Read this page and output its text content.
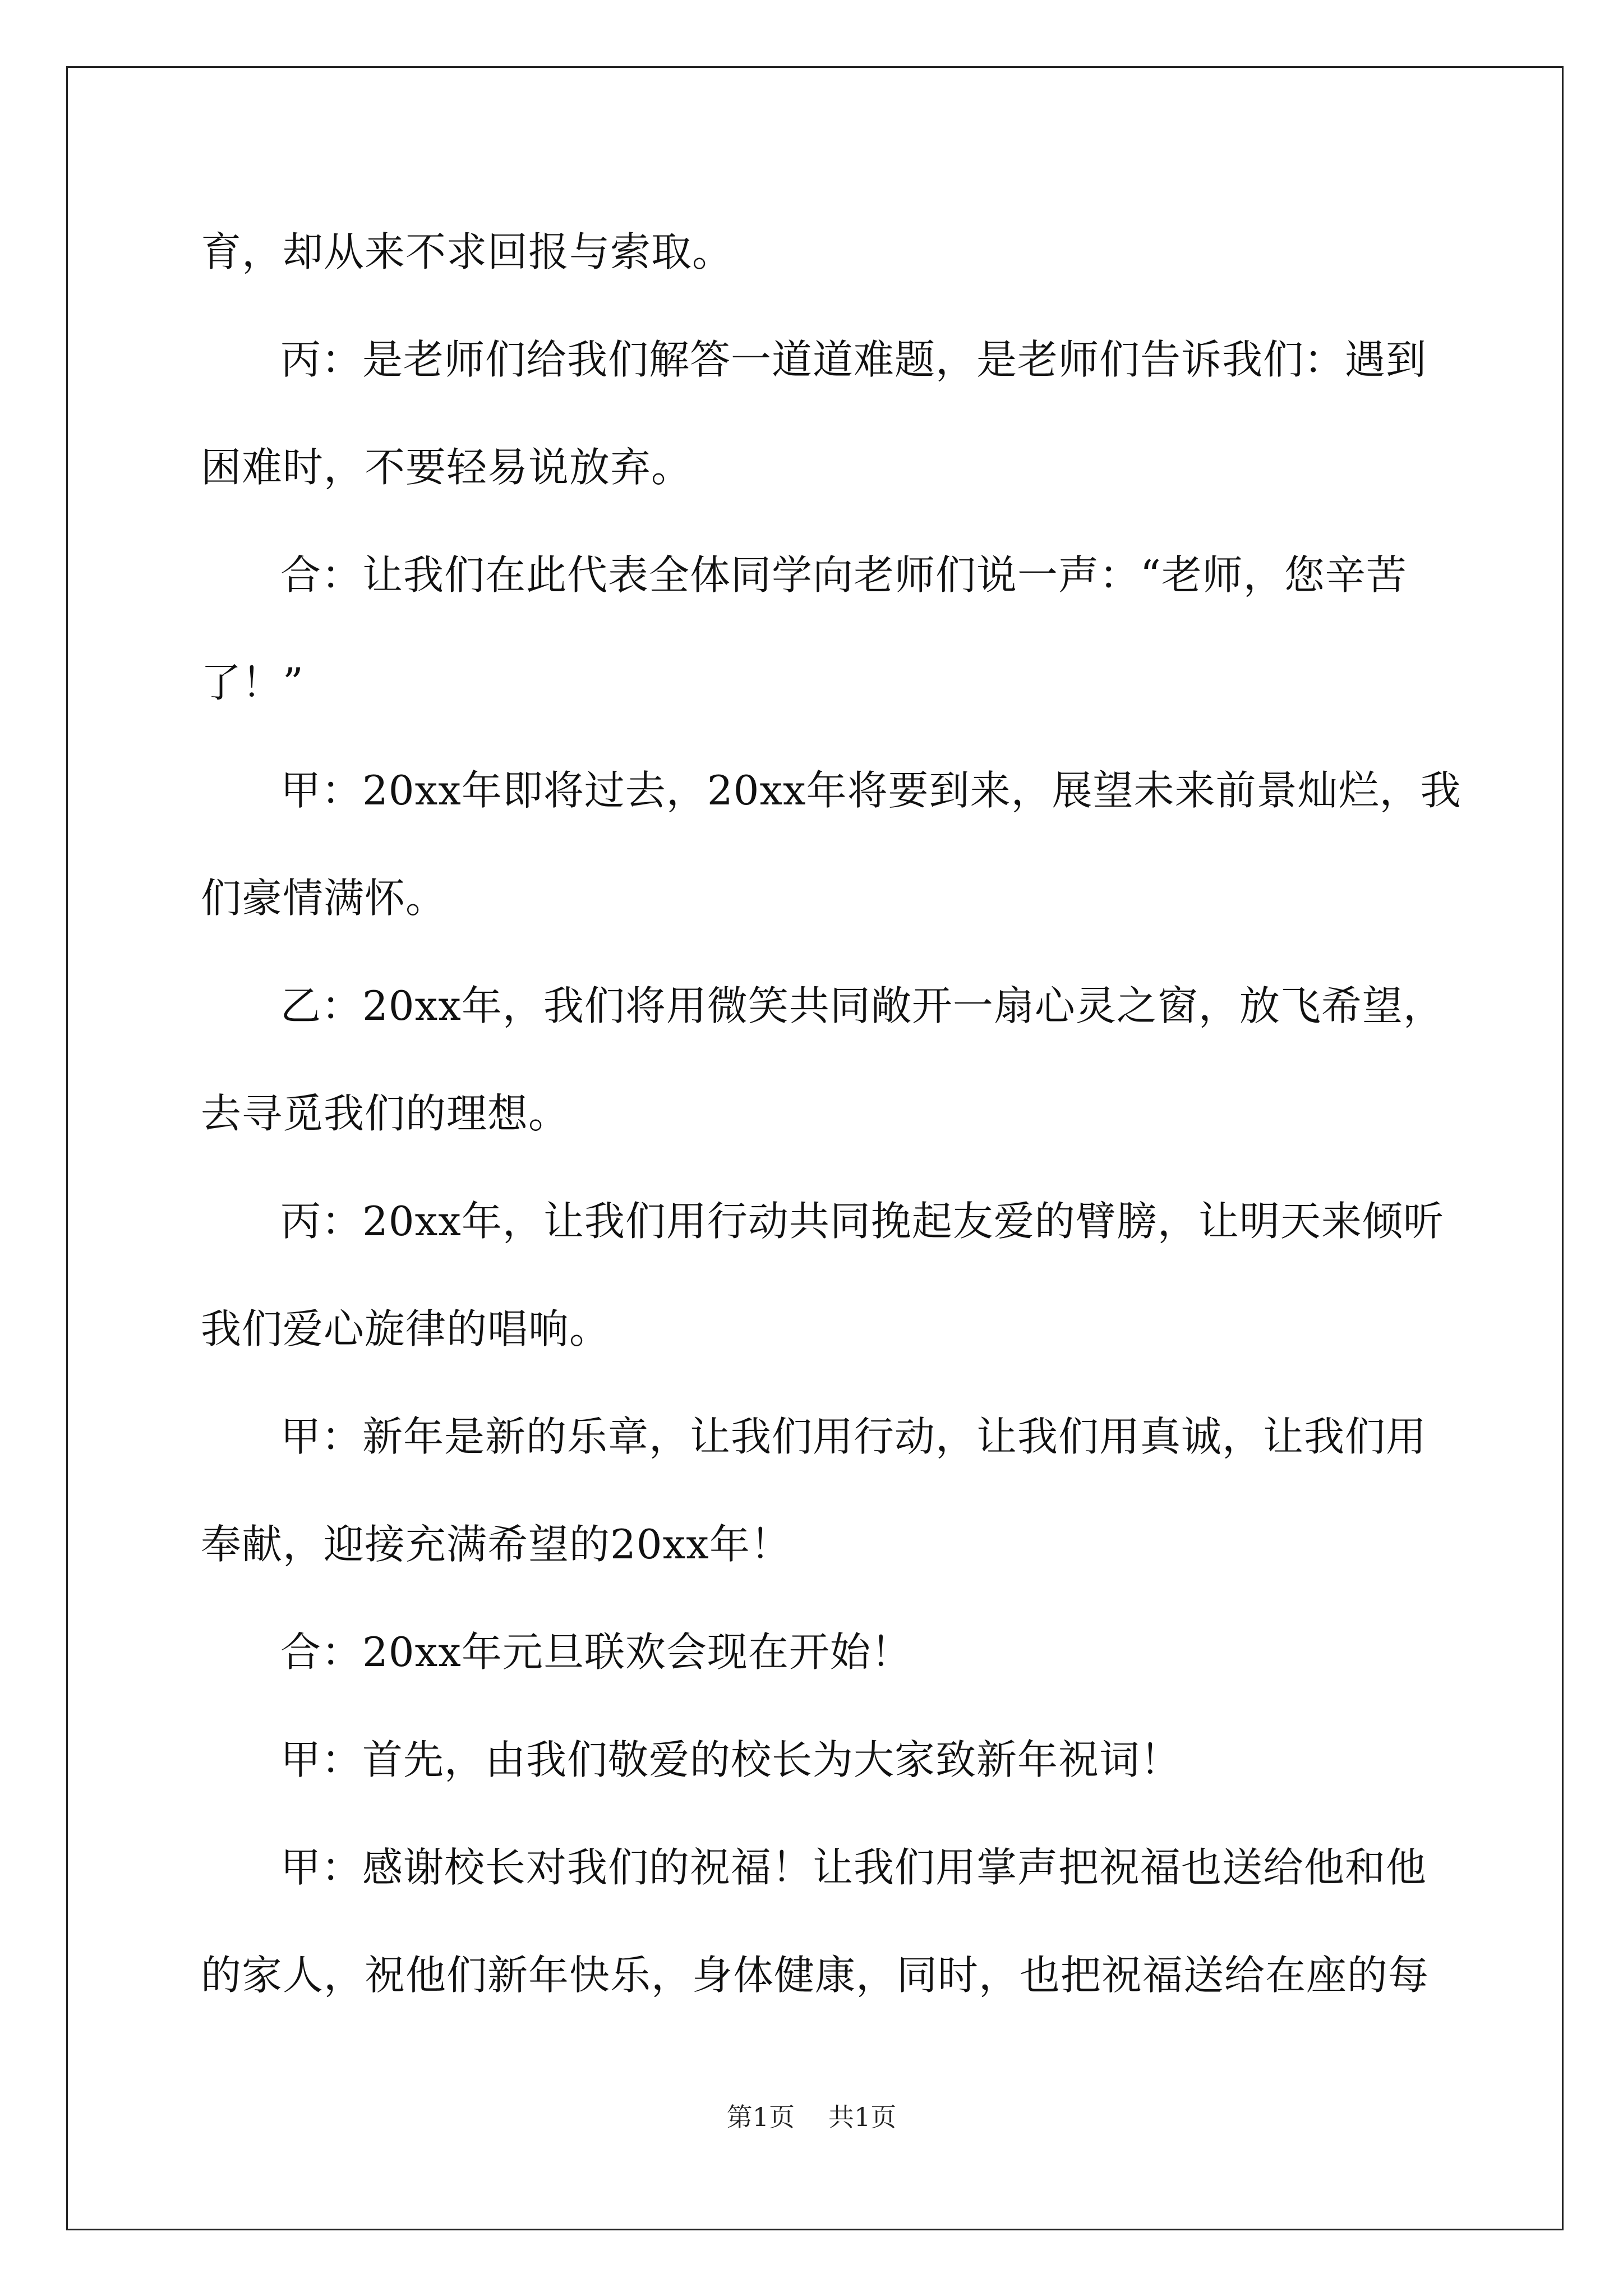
育，却从来不求回报与索取。
丙：是老师们给我们解答一道道难题，是老师们告诉我们：遇到
困难时，不要轻易说放弃。
合：让我们在此代表全体同学向老师们说一声：“老师，您辛苦
了！”
甲：20xx年即将过去，20xx年将要到来，展望未来前景灿烂，我
们豪情满怀。
乙：20xx年，我们将用微笑共同敞开一扇心灵之窗，放飞希望，
去寻觅我们的理想。
丙：20xx年，让我们用行动共同挽起友爱的臂膀，让明天来倾听
我们爱心旋律的唱响。
甲：新年是新的乐章，让我们用行动，让我们用真诚，让我们用
奉献，迎接充满希望的20xx年！
合：20xx年元旦联欢会现在开始！
甲：首先，由我们敬爱的校长为大家致新年祝词！
甲：感谢校长对我们的祝福！让我们用掌声把祝福也送给他和他
的家人，祝他们新年快乐，身体健康，同时，也把祝福送给在座的每
第1页 共1页
